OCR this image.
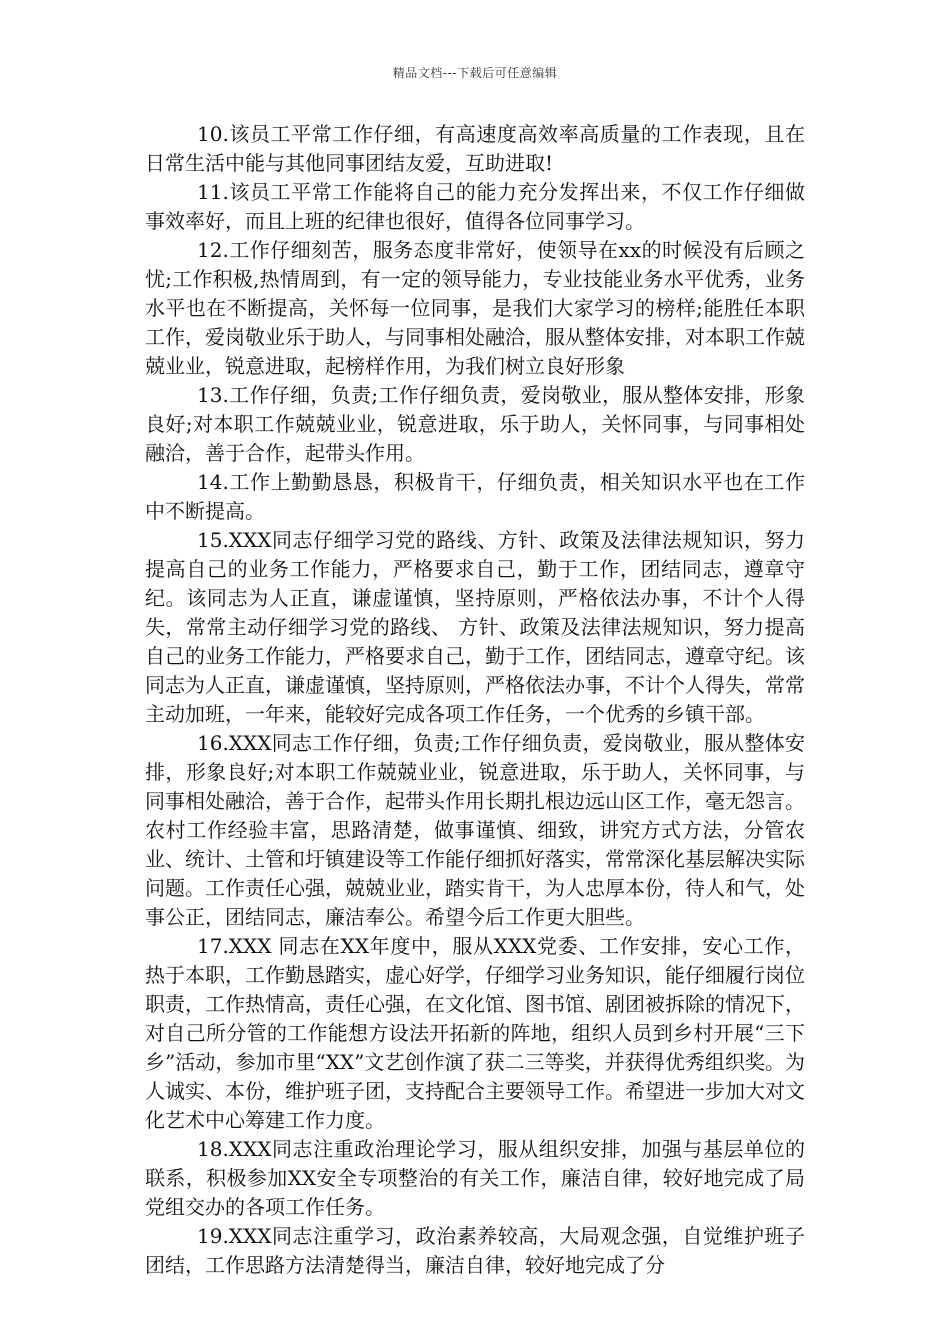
精品文档---下载后可任意编辑

10.该员工平常工作仔细，有高速度高效率高质量的工作表现，且在日常生活中能与其他同事团结友爱，互助进取!

11.该员工平常工作能将自己的能力充分发挥出来，不仅工作仔细做事效率好，而且上班的纪律也很好，值得各位同事学习。

12.工作仔细刻苦，服务态度非常好，使领导在xx的时候没有后顾之忧;工作积极,热情周到，有一定的领导能力，专业技能业务水平优秀，业务水平也在不断提高，关怀每一位同事，是我们大家学习的榜样;能胜任本职工作，爱岗敬业乐于助人，与同事相处融洽，服从整体安排，对本职工作兢兢业业，锐意进取，起榜样作用，为我们树立良好形象

13.工作仔细，负责;工作仔细负责，爱岗敬业，服从整体安排，形象良好;对本职工作兢兢业业，锐意进取，乐于助人，关怀同事，与同事相处融洽，善于合作，起带头作用。

14.工作上勤勤恳恳，积极肯干，仔细负责，相关知识水平也在工作中不断提高。

15.XXX同志仔细学习党的路线、方针、政策及法律法规知识，努力提高自己的业务工作能力，严格要求自己，勤于工作，团结同志，遵章守纪。该同志为人正直，谦虚谨慎，坚持原则，严格依法办事，不计个人得失，常常主动仔细学习党的路线、 方针、政策及法律法规知识，努力提高自己的业务工作能力，严格要求自己，勤于工作，团结同志，遵章守纪。该同志为人正直，谦虚谨慎，坚持原则，严格依法办事，不计个人得失，常常主动加班，一年来，能较好完成各项工作任务，一个优秀的乡镇干部。

16.XXX同志工作仔细，负责;工作仔细负责，爱岗敬业，服从整体安排，形象良好;对本职工作兢兢业业，锐意进取，乐于助人，关怀同事，与同事相处融洽，善于合作，起带头作用长期扎根边远山区工作，毫无怨言。农村工作经验丰富，思路清楚，做事谨慎、细致，讲究方式方法，分管农业、统计、土管和圩镇建设等工作能仔细抓好落实，常常深化基层解决实际问题。工作责任心强，兢兢业业，踏实肯干，为人忠厚本份，待人和气，处事公正，团结同志，廉洁奉公。希望今后工作更大胆些。

17.XXX 同志在XX年度中，服从XXX党委、工作安排，安心工作，热于本职，工作勤恳踏实，虚心好学，仔细学习业务知识，能仔细履行岗位职责，工作热情高，责任心强，在文化馆、图书馆、剧团被拆除的情况下，对自己所分管的工作能想方设法开拓新的阵地，组织人员到乡村开展“三下乡”活动，参加市里“XX”文艺创作演了获二三等奖，并获得优秀组织奖。为人诚实、本份，维护班子团，支持配合主要领导工作。希望进一步加大对文化艺术中心筹建工作力度。

18.XXX同志注重政治理论学习，服从组织安排，加强与基层单位的联系，积极参加XX安全专项整治的有关工作，廉洁自律，较好地完成了局党组交办的各项工作任务。

19.XXX同志注重学习，政治素养较高，大局观念强，自觉维护班子团结，工作思路方法清楚得当，廉洁自律，较好地完成了分
